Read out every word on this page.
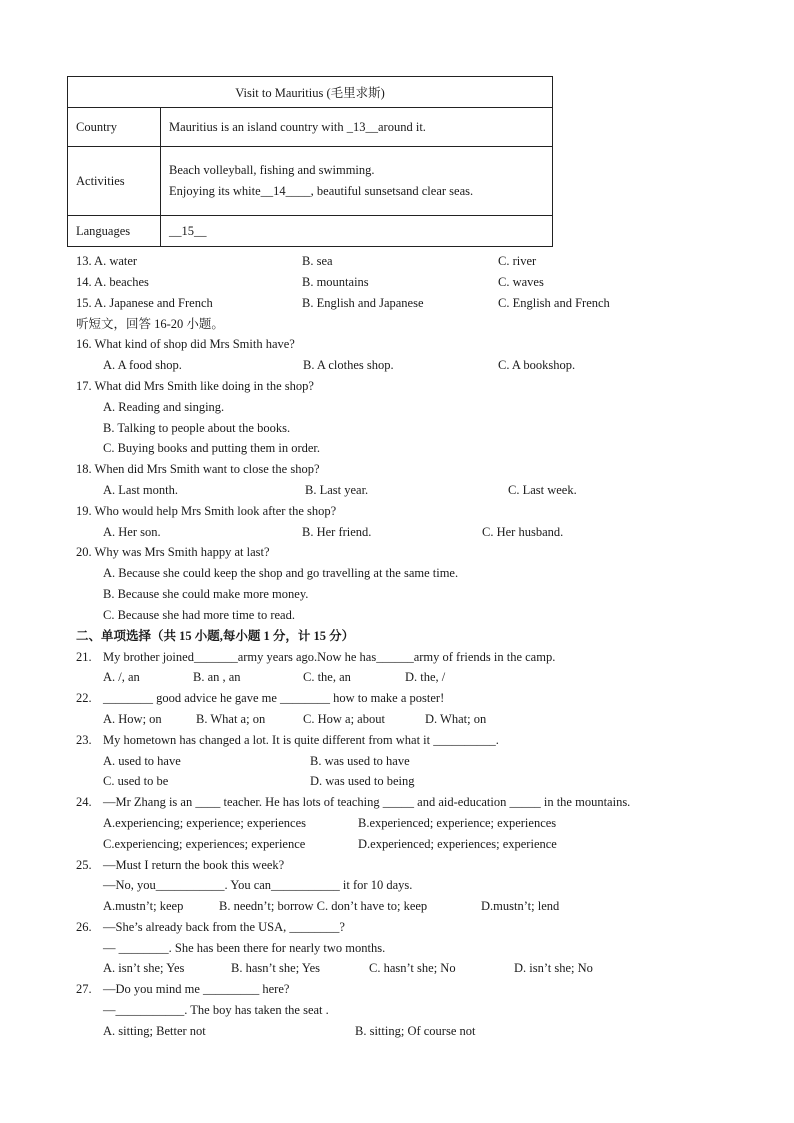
Visit to Mauritius (毛里求斯)	
Country	Mauritius is an island country with _13__around it.
Activities	Beach volleyball, fishing and swimming.
Enjoying its white__14____, beautiful sunsetsand clear seas.

Languages	__15__
13. A. water	B. sea	C. river
14. A. beaches	B. mountains	C. waves
15. A. Japanese and French	B. English and Japanese	C. English and French
听短文，回答 16-20 小题。
16. What kind of shop did Mrs Smith have?
A. A food shop.	B. A clothes shop.	C. A bookshop.
17. What did Mrs Smith like doing in the shop?
A. Reading and singing.
B. Talking to people about the books.
C. Buying books and putting them in order.
18. When did Mrs Smith want to close the shop?
A. Last month.	B. Last year.	C. Last week.
19. Who would help Mrs Smith look after the shop?
A. Her son.	B. Her friend.	C. Her husband.
20. Why was Mrs Smith happy at last?
A. Because she could keep the shop and go travelling at the same time.
B. Because she could make more money.
C. Because she had more time to read.
二、单项选择（共 15 小题,每小题 1 分，计 15 分）
21. My brother joined_______army years ago.Now he has______army of friends in the camp.
A. /, an	B. an , an	C. the, an	D. the, /
22. ________ good advice he gave me ________ how to make a poster!
A. How; on	B. What a; on	C. How a; about	D. What; on
23. My hometown has changed a lot. It is quite different from what it __________.
A. used to have	B. was used to have
C. used to be	D. was used to being
24. —Mr Zhang is an ____ teacher. He has lots of teaching _____ and aid-education _____ in the mountains.
A.experiencing; experience; experiences	B.experienced; experience; experiences
C.experiencing; experiences; experience	D.experienced; experiences; experience
25. —Must I return the book this week?
—No, you___________. You can___________ it for 10 days.
A.mustn’t; keep	B. needn’t; borrow C. don’t have to; keep	D.mustn’t; lend
26. —She’s already back from the USA, ________?
— ________. She has been there for nearly two months.
A. isn’t she; Yes	B. hasn’t she; Yes	C. hasn’t she; No	D. isn’t she; No
27. —Do you mind me _________ here?
—___________. The boy has taken the seat .
A. sitting; Better not	B. sitting; Of course not
